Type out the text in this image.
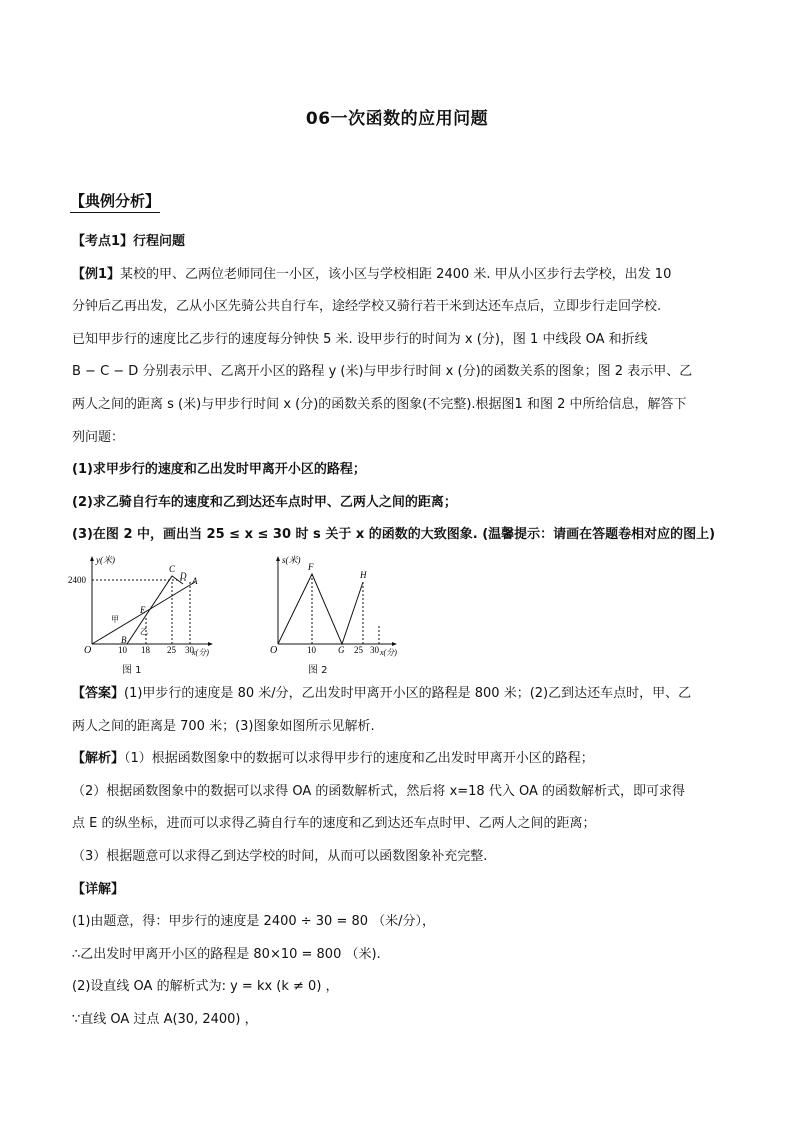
06一次函数的应用问题
【典例分析】
【考点1】行程问题
【例1】某校的甲、乙两位老师同住一小区，该小区与学校相距 2400 米. 甲从小区步行去学校，出发 10
分钟后乙再出发，乙从小区先骑公共自行车，途经学校又骑行若干米到达还车点后，立即步行走回学校.
已知甲步行的速度比乙步行的速度每分钟快 5 米. 设甲步行的时间为 x (分)，图 1 中线段 OA 和折线
B − C − D 分别表示甲、乙离开小区的路程 y (米)与甲步行时间 x (分)的函数关系的图象；图 2 表示甲、乙
两人之间的距离 s (米)与甲步行时间 x (分)的函数关系的图象(不完整).根据图1 和图 2 中所给信息，解答下
列问题：
(1)求甲步行的速度和乙出发时甲离开小区的路程；
(2)求乙骑自行车的速度和乙到达还车点时甲、乙两人之间的距离；
(3)在图 2 中，画出当 25 ≤ x ≤ 30 时 s 关于 x 的函数的大致图象. (温馨提示：请画在答题卷相对应的图上)
y(米)
x(分)
2400
10 18 25 30
O
B
C
D A
E
甲
乙
图 1
s(米)
x(分)
10	25 30
O
F
G
H
图 2
【答案】(1)甲步行的速度是 80 米/分，乙出发时甲离开小区的路程是 800 米；(2)乙到达还车点时，甲、乙
两人之间的距离是 700 米；(3)图象如图所示见解析.
【解析】（1）根据函数图象中的数据可以求得甲步行的速度和乙出发时甲离开小区的路程；
（2）根据函数图象中的数据可以求得 OA 的函数解析式，然后将 x=18 代入 OA 的函数解析式，即可求得
点 E 的纵坐标，进而可以求得乙骑自行车的速度和乙到达还车点时甲、乙两人之间的距离；
（3）根据题意可以求得乙到达学校的时间，从而可以函数图象补充完整.
【详解】
(1)由题意，得：甲步行的速度是 2400 ÷ 30 = 80 （米/分），
∴乙出发时甲离开小区的路程是 80×10 = 800 （米).
(2)设直线 OA 的解析式为: y = kx (k ≠ 0) ，
∵直线 OA 过点 A(30, 2400) ，
